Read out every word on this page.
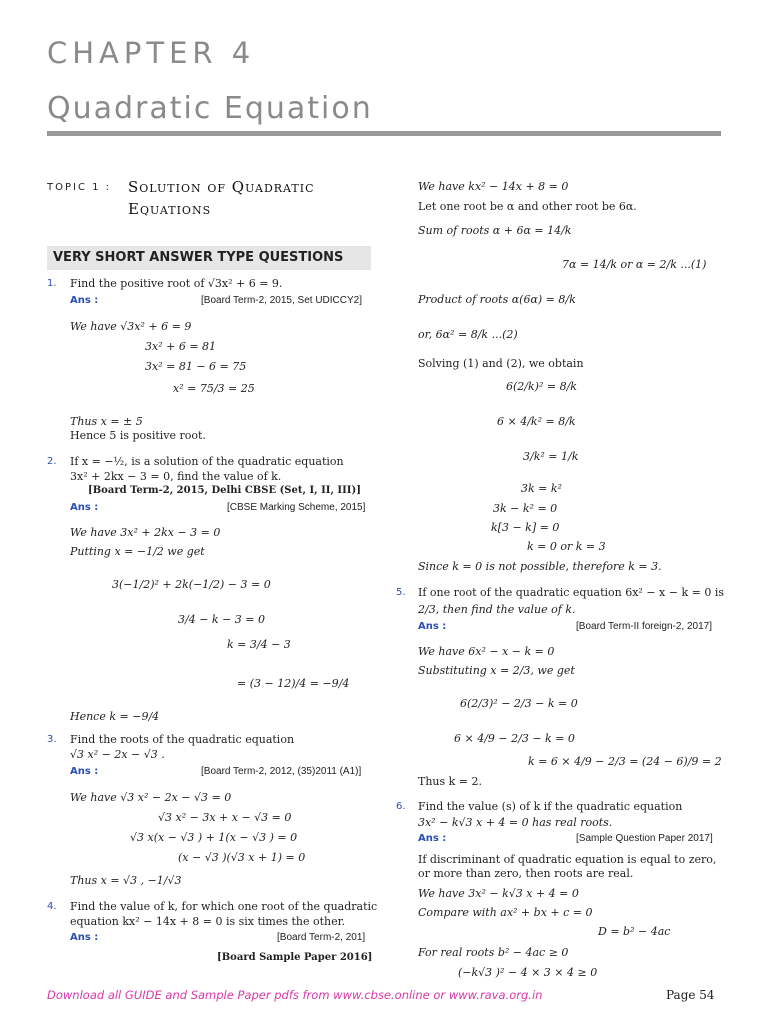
CHAPTER 4
Quadratic Equation
TOPIC 1 : Solution of Quadratic
Equations
VERY SHORT ANSWER TYPE QUESTIONS
1. Find the positive root of √3x² + 6 = 9.
Ans :	[Board Term-2, 2015, Set UDICCY2]
We have √3x² + 6 = 9
3x² + 6 = 81
3x² = 81 − 6 = 75
x² = 75/3 = 25
Thus x = ± 5
Hence 5 is positive root.
2. If x = −½, is a solution of the quadratic equation
3x² + 2kx − 3 = 0, find the value of k.
[Board Term-2, 2015, Delhi CBSE (Set, I, II, III)]
Ans :	[CBSE Marking Scheme, 2015]
We have 3x² + 2kx − 3 = 0
Putting x = −1/2 we get
3(−1/2)² + 2k(−1/2) − 3 = 0
3/4 − k − 3 = 0
k = 3/4 − 3
= (3 − 12)/4 = −9/4
Hence k = −9/4
3. Find the roots of the quadratic equation
√3 x² − 2x − √3 .
Ans :	[Board Term-2, 2012, (35)2011 (A1)]
We have √3 x² − 2x − √3 = 0
√3 x² − 3x + x − √3 = 0
√3 x(x − √3 ) + 1(x − √3 ) = 0
(x − √3 )(√3 x + 1) = 0
Thus x = √3 , −1/√3
4. Find the value of k, for which one root of the quadratic
equation kx² − 14x + 8 = 0 is six times the other.
Ans :	[Board Term-2, 201]
[Board Sample Paper 2016]
We have kx² − 14x + 8 = 0
Let one root be α and other root be 6α.
Sum of roots α + 6α = 14/k
7α = 14/k or α = 2/k ...(1)
Product of roots α(6α) = 8/k
or, 6α² = 8/k ...(2)
Solving (1) and (2), we obtain
6(2/k)² = 8/k
6 × 4/k² = 8/k
3/k² = 1/k
3k = k²
3k − k² = 0
k[3 − k] = 0
k = 0 or k = 3
Since k = 0 is not possible, therefore k = 3.
5. If one root of the quadratic equation 6x² − x − k = 0 is
2/3, then find the value of k.
Ans :	[Board Term-II foreign-2, 2017]
We have 6x² − x − k = 0
Substituting x = 2/3, we get
6(2/3)² − 2/3 − k = 0
6 × 4/9 − 2/3 − k = 0
k = 6 × 4/9 − 2/3 = (24 − 6)/9 = 2
Thus k = 2.
6. Find the value (s) of k if the quadratic equation
3x² − k√3 x + 4 = 0 has real roots.
Ans :	[Sample Question Paper 2017]
If discriminant of quadratic equation is equal to zero,
or more than zero, then roots are real.
We have 3x² − k√3 x + 4 = 0
Compare with ax² + bx + c = 0
D = b² − 4ac
For real roots b² − 4ac ≥ 0
(−k√3 )² − 4 × 3 × 4 ≥ 0
Download all GUIDE and Sample Paper pdfs from www.cbse.online or www.rava.org.in	Page 54
